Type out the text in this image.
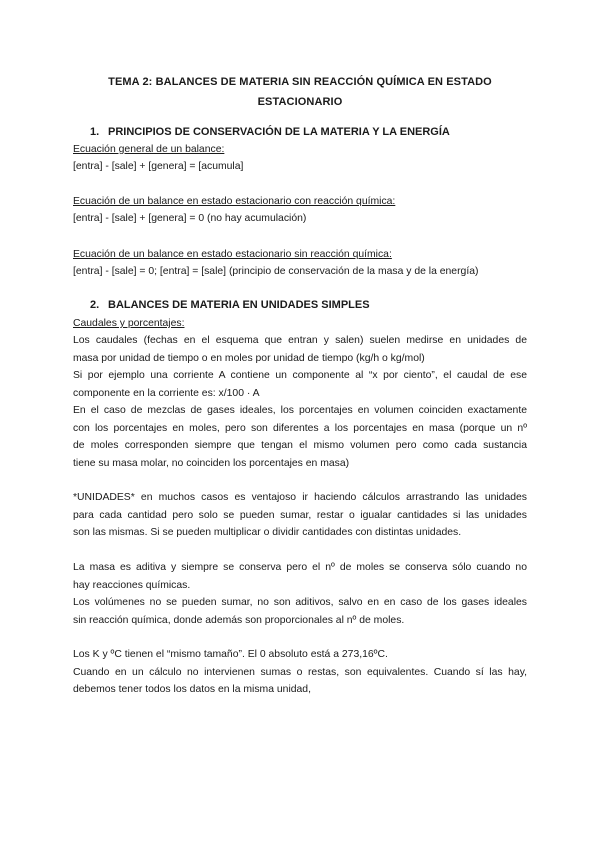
TEMA 2: BALANCES DE MATERIA SIN REACCIÓN QUÍMICA EN ESTADO
ESTACIONARIO
1. PRINCIPIOS DE CONSERVACIÓN DE LA MATERIA Y LA ENERGÍA
Ecuación general de un balance:
[entra] - [sale] + [genera] = [acumula]
Ecuación de un balance en estado estacionario con reacción química:
[entra] - [sale] + [genera] = 0 (no hay acumulación)
Ecuación de un balance en estado estacionario sin reacción química:
[entra] - [sale] = 0; [entra] = [sale] (principio de conservación de la masa y de la energía)
2. BALANCES DE MATERIA EN UNIDADES SIMPLES
Caudales y porcentajes:
Los caudales (fechas en el esquema que entran y salen) suelen medirse en unidades de
masa por unidad de tiempo o en moles por unidad de tiempo (kg/h o kg/mol)
Si por ejemplo una corriente A contiene un componente al “x por ciento”, el caudal de ese
componente en la corriente es: x/100 · A
En el caso de mezclas de gases ideales, los porcentajes en volumen coinciden exactamente
con los porcentajes en moles, pero son diferentes a los porcentajes en masa (porque un nº
de moles corresponden siempre que tengan el mismo volumen pero como cada sustancia
tiene su masa molar, no coinciden los porcentajes en masa)
*UNIDADES* en muchos casos es ventajoso ir haciendo cálculos arrastrando las unidades
para cada cantidad pero solo se pueden sumar, restar o igualar cantidades si las unidades
son las mismas. Si se pueden multiplicar o dividir cantidades con distintas unidades.
La masa es aditiva y siempre se conserva pero el nº de moles se conserva sólo cuando no
hay reacciones químicas.
Los volúmenes no se pueden sumar, no son aditivos, salvo en en caso de los gases ideales
sin reacción química, donde además son proporcionales al nº de moles.
Los K y ºC tienen el “mismo tamaño”. El 0 absoluto está a 273,16ºC.
Cuando en un cálculo no intervienen sumas o restas, son equivalentes. Cuando sí las hay,
debemos tener todos los datos en la misma unidad,
